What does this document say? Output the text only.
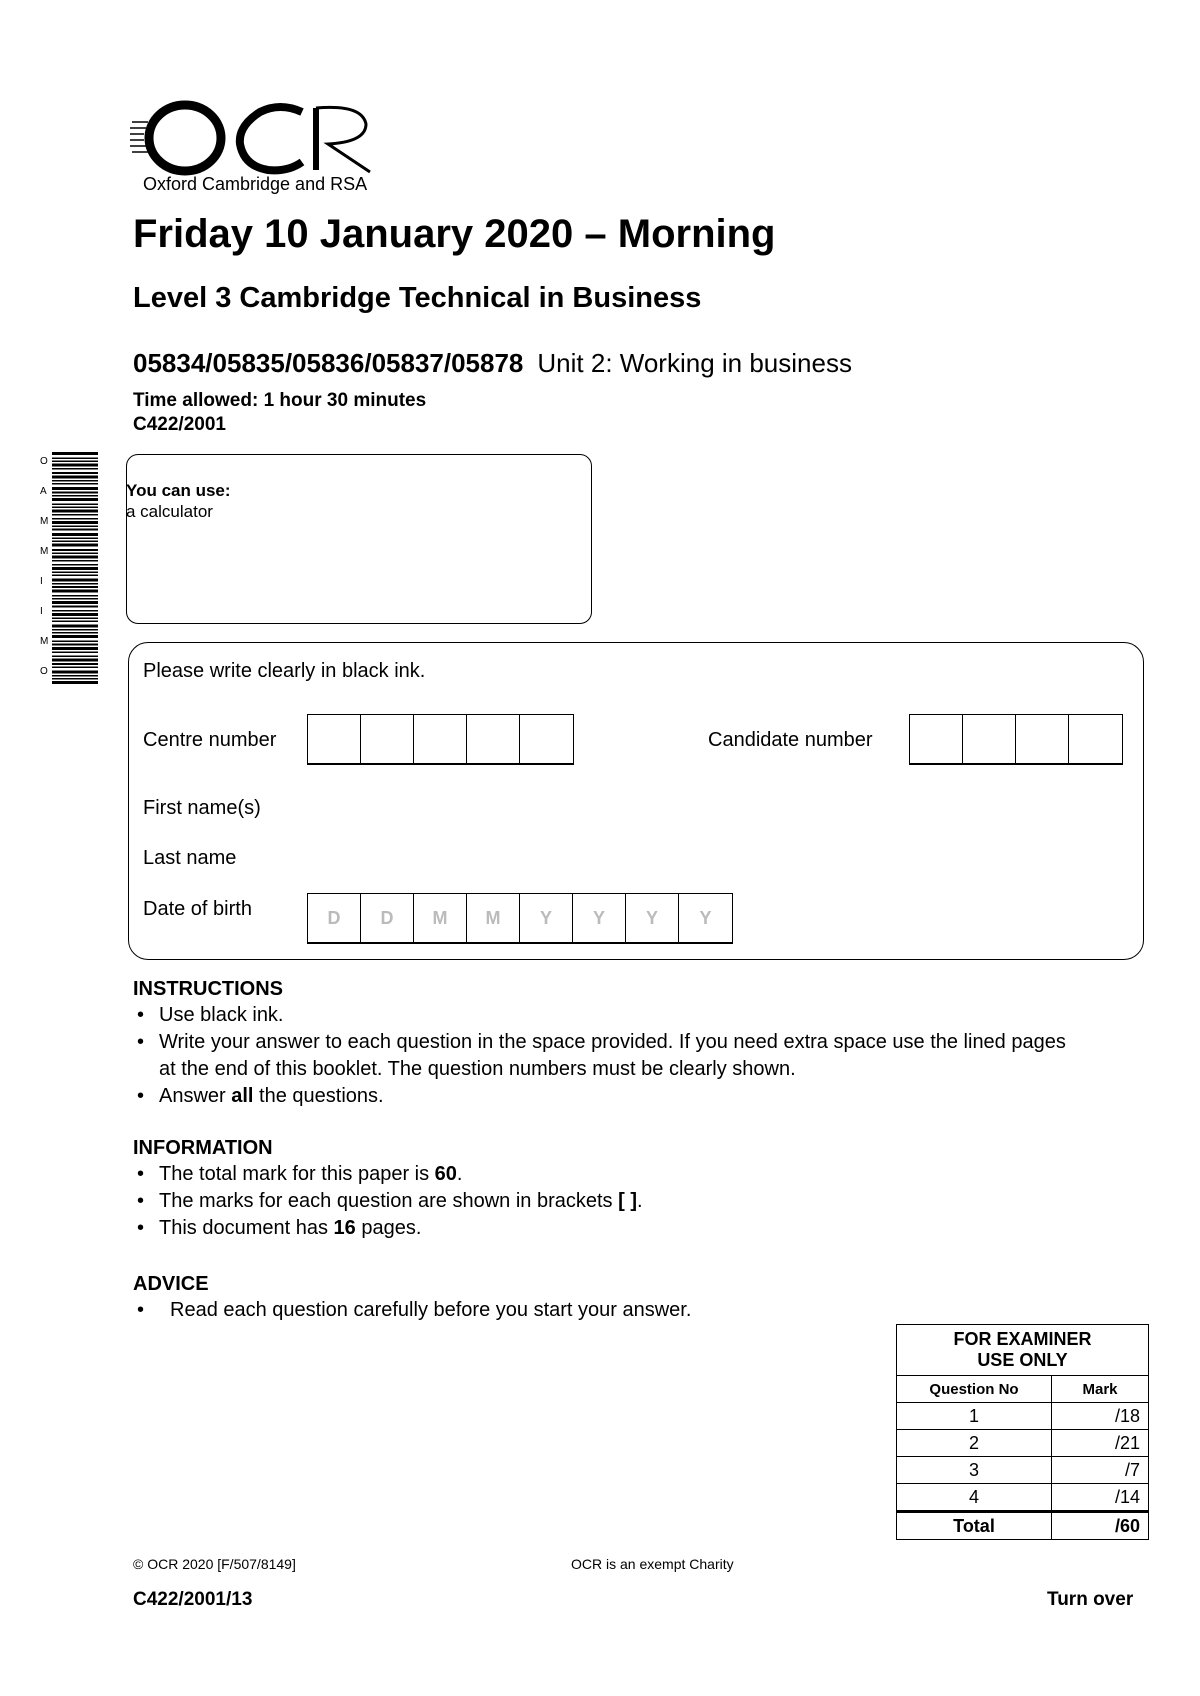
Oxford Cambridge and RSA
Friday 10 January 2020 – Morning
Level 3 Cambridge Technical in Business
05834/05835/05836/05837/05878 Unit 2: Working in business
Time allowed: 1 hour 30 minutes
C422/2001
O
A
M
M
I
I
M
O
You can use:
a calculator
Please write clearly in black ink.
Centre number	Candidate number
First name(s)
Last name
Date of birth	D	D	M	M	Y	Y	Y	Y
INSTRUCTIONS
• Use black ink.
• Write your answer to each question in the space provided. If you need extra space use the lined pages at the end of this booklet. The question numbers must be clearly shown.
• Answer all the questions.
INFORMATION
• The total mark for this paper is 60.
• The marks for each question are shown in brackets [ ].
• This document has 16 pages.
ADVICE
• Read each question carefully before you start your answer.
FOR EXAMINER
USE ONLY	
Question No	Mark
1	/18
2	/21
3	/7
4	/14
Total	/60
© OCR 2020 [F/507/8149]	OCR is an exempt Charity
C422/2001/13	Turn over
